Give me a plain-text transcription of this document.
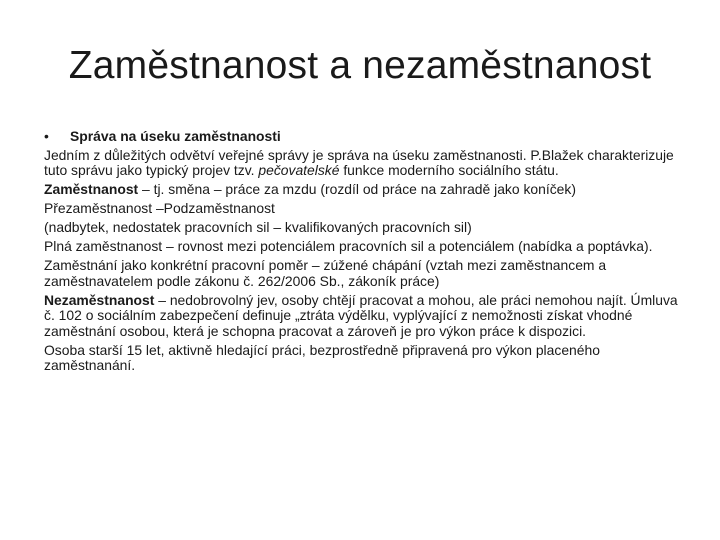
Zaměstnanost a nezaměstnanost

• Správa na úseku zaměstnanosti

Jedním z důležitých odvětví veřejné správy je správa na úseku zaměstnanosti. P.Blažek charakterizuje tuto správu jako typický projev tzv. pečovatelské funkce moderního sociálního státu.

Zaměstnanost – tj. směna – práce za mzdu (rozdíl od práce na zahradě jako koníček)

Přezaměstnanost –Podzaměstnanost

(nadbytek, nedostatek pracovních sil – kvalifikovaných pracovních sil)

Plná zaměstnanost – rovnost mezi potenciálem pracovních sil a potenciálem (nabídka a poptávka).

Zaměstnání jako konkrétní pracovní poměr – zúžené chápání (vztah mezi zaměstnancem a zaměstnavatelem podle zákonu č. 262/2006 Sb., zákoník práce)

Nezaměstnanost – nedobrovolný jev, osoby chtějí pracovat a mohou, ale práci nemohou najít. Úmluva č. 102 o sociálním zabezpečení definuje „ztráta výdělku, vyplývající z nemožnosti získat vhodné zaměstnání osobou, která je schopna pracovat a zároveň je pro výkon práce k dispozici.

Osoba starší 15 let, aktivně hledající práci, bezprostředně připravená pro výkon placeného zaměstnanání.
